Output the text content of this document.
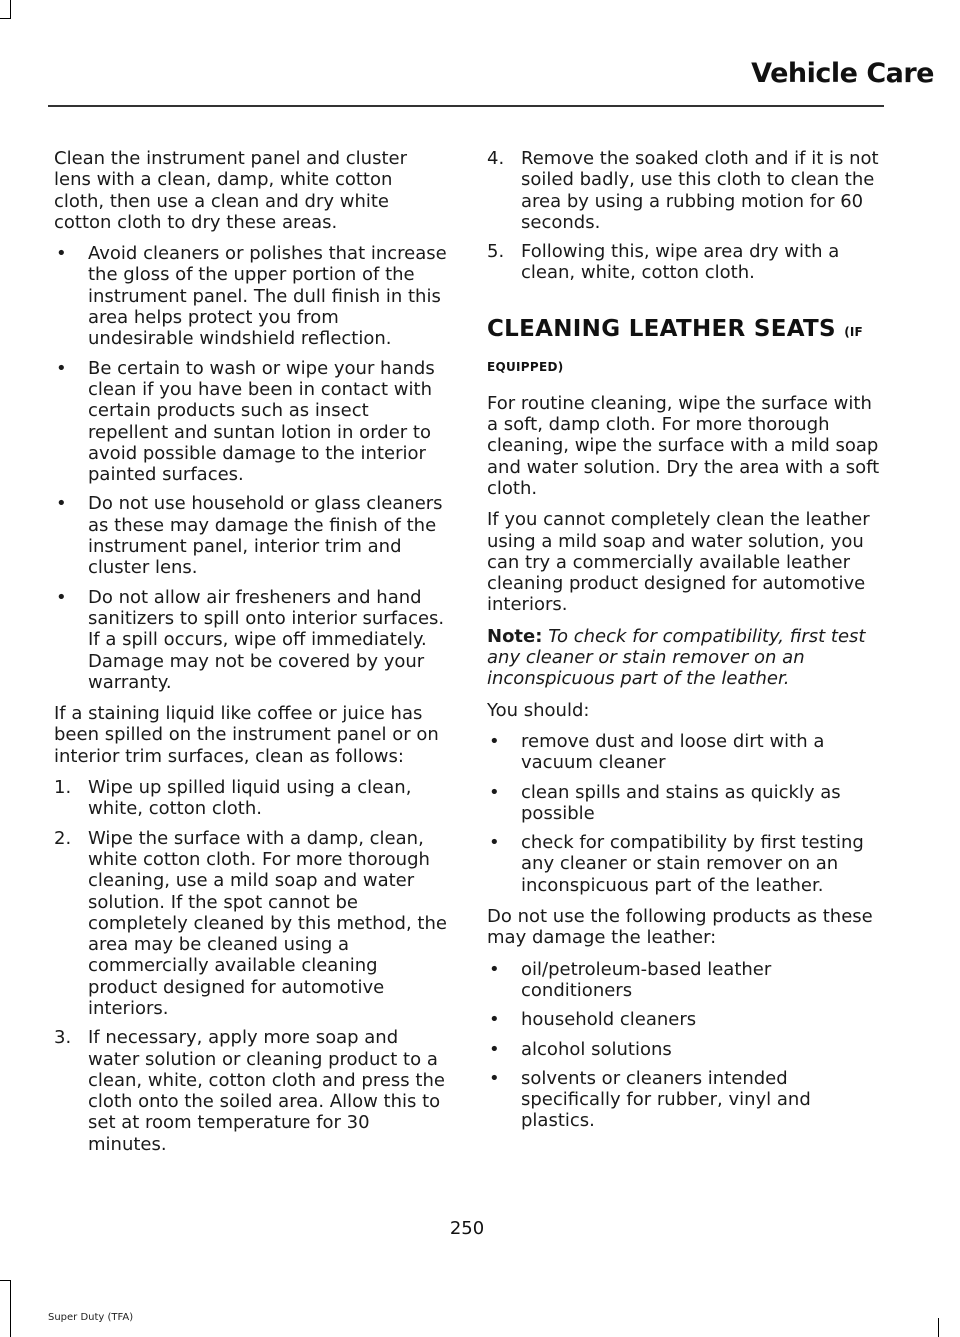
Vehicle Care

Clean the instrument panel and cluster lens with a clean, damp, white cotton cloth, then use a clean and dry white cotton cloth to dry these areas.

• Avoid cleaners or polishes that increase the gloss of the upper portion of the instrument panel. The dull finish in this area helps protect you from undesirable windshield reflection.
• Be certain to wash or wipe your hands clean if you have been in contact with certain products such as insect repellent and suntan lotion in order to avoid possible damage to the interior painted surfaces.
• Do not use household or glass cleaners as these may damage the finish of the instrument panel, interior trim and cluster lens.
• Do not allow air fresheners and hand sanitizers to spill onto interior surfaces. If a spill occurs, wipe off immediately. Damage may not be covered by your warranty.

If a staining liquid like coffee or juice has been spilled on the instrument panel or on interior trim surfaces, clean as follows:

1. Wipe up spilled liquid using a clean, white, cotton cloth.
2. Wipe the surface with a damp, clean, white cotton cloth. For more thorough cleaning, use a mild soap and water solution. If the spot cannot be completely cleaned by this method, the area may be cleaned using a commercially available cleaning product designed for automotive interiors.
3. If necessary, apply more soap and water solution or cleaning product to a clean, white, cotton cloth and press the cloth onto the soiled area. Allow this to set at room temperature for 30 minutes.
4. Remove the soaked cloth and if it is not soiled badly, use this cloth to clean the area by using a rubbing motion for 60 seconds.
5. Following this, wipe area dry with a clean, white, cotton cloth.
CLEANING LEATHER SEATS (IF
EQUIPPED)

For routine cleaning, wipe the surface with a soft, damp cloth. For more thorough cleaning, wipe the surface with a mild soap and water solution. Dry the area with a soft cloth.

If you cannot completely clean the leather using a mild soap and water solution, you can try a commercially available leather cleaning product designed for automotive interiors.

Note: To check for compatibility, first test any cleaner or stain remover on an inconspicuous part of the leather.

You should:

• remove dust and loose dirt with a vacuum cleaner
• clean spills and stains as quickly as possible
• check for compatibility by first testing any cleaner or stain remover on an inconspicuous part of the leather.

Do not use the following products as these may damage the leather:

• oil/petroleum-based leather conditioners
• household cleaners
• alcohol solutions
• solvents or cleaners intended specifically for rubber, vinyl and plastics.
250
Super Duty (TFA)
